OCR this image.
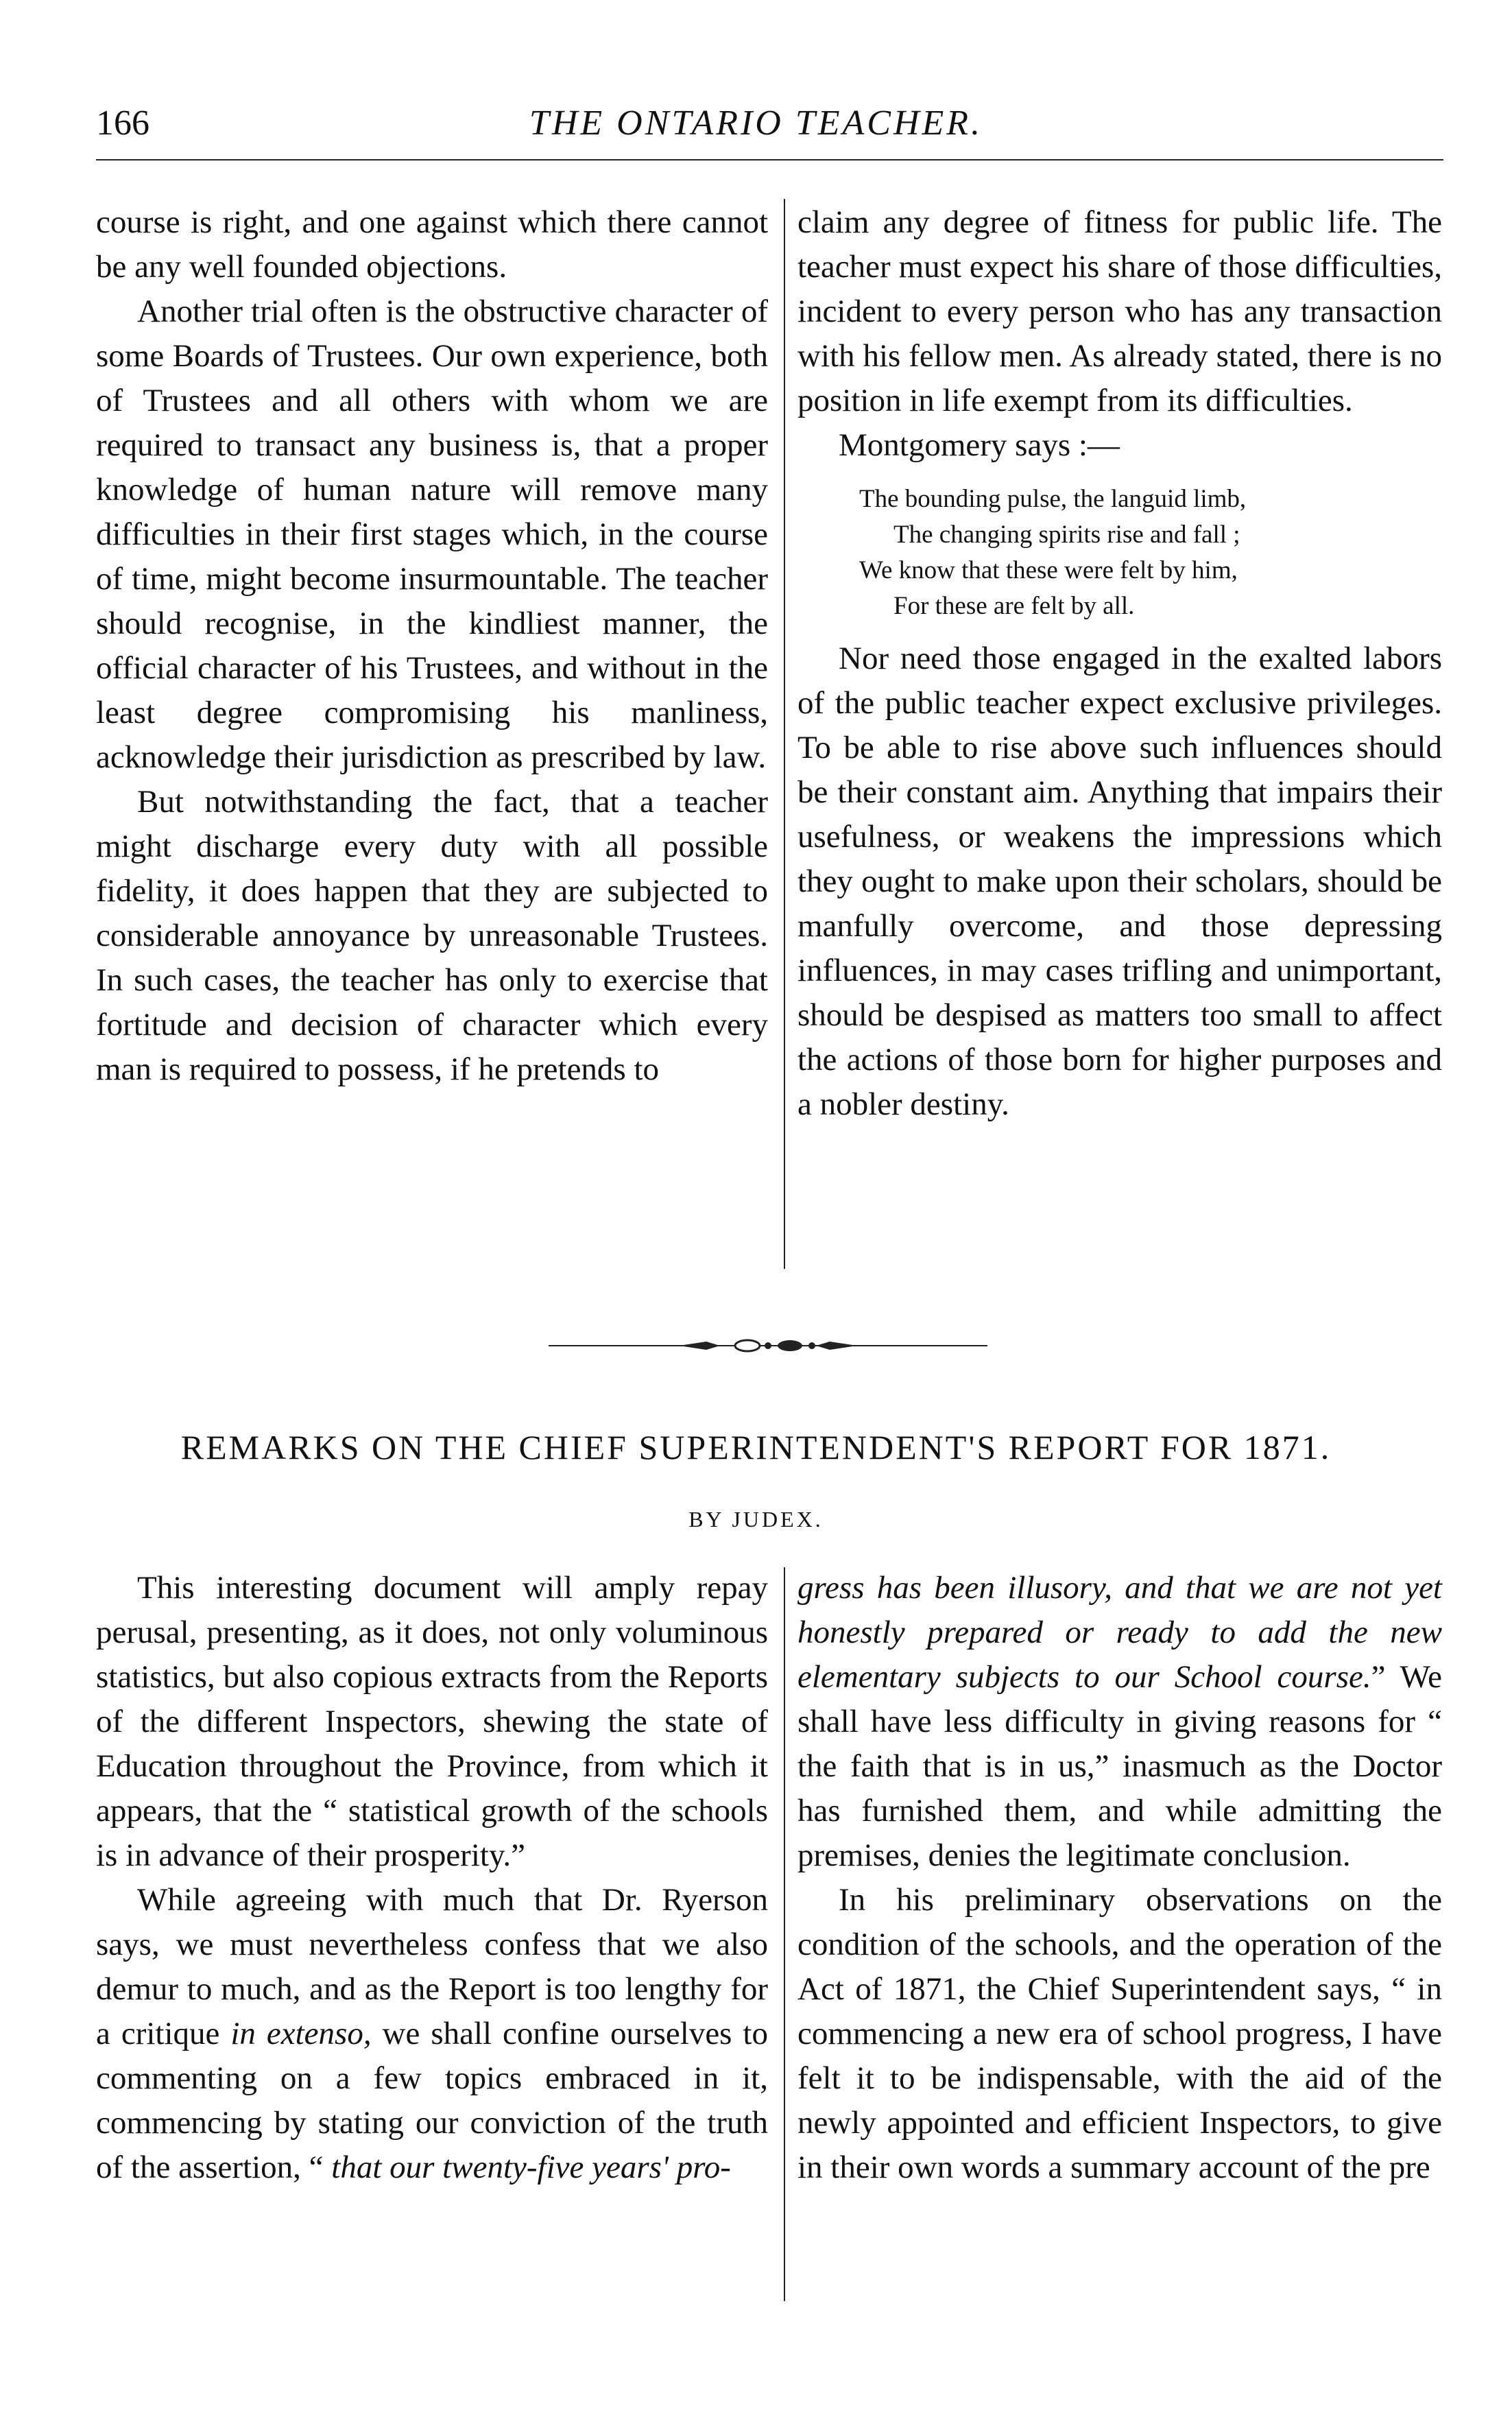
166	THE ONTARIO TEACHER.

course is right, and one against which there cannot be any well founded objections.

Another trial often is the obstructive character of some Boards of Trustees. Our own experience, both of Trustees and all others with whom we are required to transact any business is, that a proper knowledge of human nature will remove many difficulties in their first stages which, in the course of time, might become insurmountable. The teacher should recognise, in the kindliest manner, the official character of his Trustees, and without in the least degree compromising his manliness, acknowledge their jurisdiction as prescribed by law.

But notwithstanding the fact, that a teacher might discharge every duty with all possible fidelity, it does happen that they are subjected to considerable annoyance by unreasonable Trustees. In such cases, the teacher has only to exercise that fortitude and decision of character which every man is required to possess, if he pretends to

claim any degree of fitness for public life. The teacher must expect his share of those difficulties, incident to every person who has any transaction with his fellow men. As already stated, there is no position in life exempt from its difficulties.

Montgomery says :—

The bounding pulse, the languid limb,
The changing spirits rise and fall ;
We know that these were felt by him,
For these are felt by all.

Nor need those engaged in the exalted labors of the public teacher expect exclusive privileges. To be able to rise above such influences should be their constant aim. Anything that impairs their usefulness, or weakens the impressions which they ought to make upon their scholars, should be manfully overcome, and those depressing influences, in may cases trifling and unimportant, should be despised as matters too small to affect the actions of those born for higher purposes and a nobler destiny.

REMARKS ON THE CHIEF SUPERINTENDENT'S REPORT FOR 1871.
BY JUDEX.

This interesting document will amply repay perusal, presenting, as it does, not only voluminous statistics, but also copious extracts from the Reports of the different Inspectors, shewing the state of Education throughout the Province, from which it appears, that the “ statistical growth of the schools is in advance of their prosperity.”

While agreeing with much that Dr. Ryerson says, we must nevertheless confess that we also demur to much, and as the Report is too lengthy for a critique in extenso, we shall confine ourselves to commenting on a few topics embraced in it, commencing by stating our conviction of the truth of the assertion, “ that our twenty-five years' pro-

gress has been illusory, and that we are not yet honestly prepared or ready to add the new elementary subjects to our School course.” We shall have less difficulty in giving reasons for “ the faith that is in us,” inasmuch as the Doctor has furnished them, and while admitting the premises, denies the legitimate conclusion.

In his preliminary observations on the condition of the schools, and the operation of the Act of 1871, the Chief Superintendent says, “ in commencing a new era of school progress, I have felt it to be indispensable, with the aid of the newly appointed and efficient Inspectors, to give in their own words a summary account of the pre
